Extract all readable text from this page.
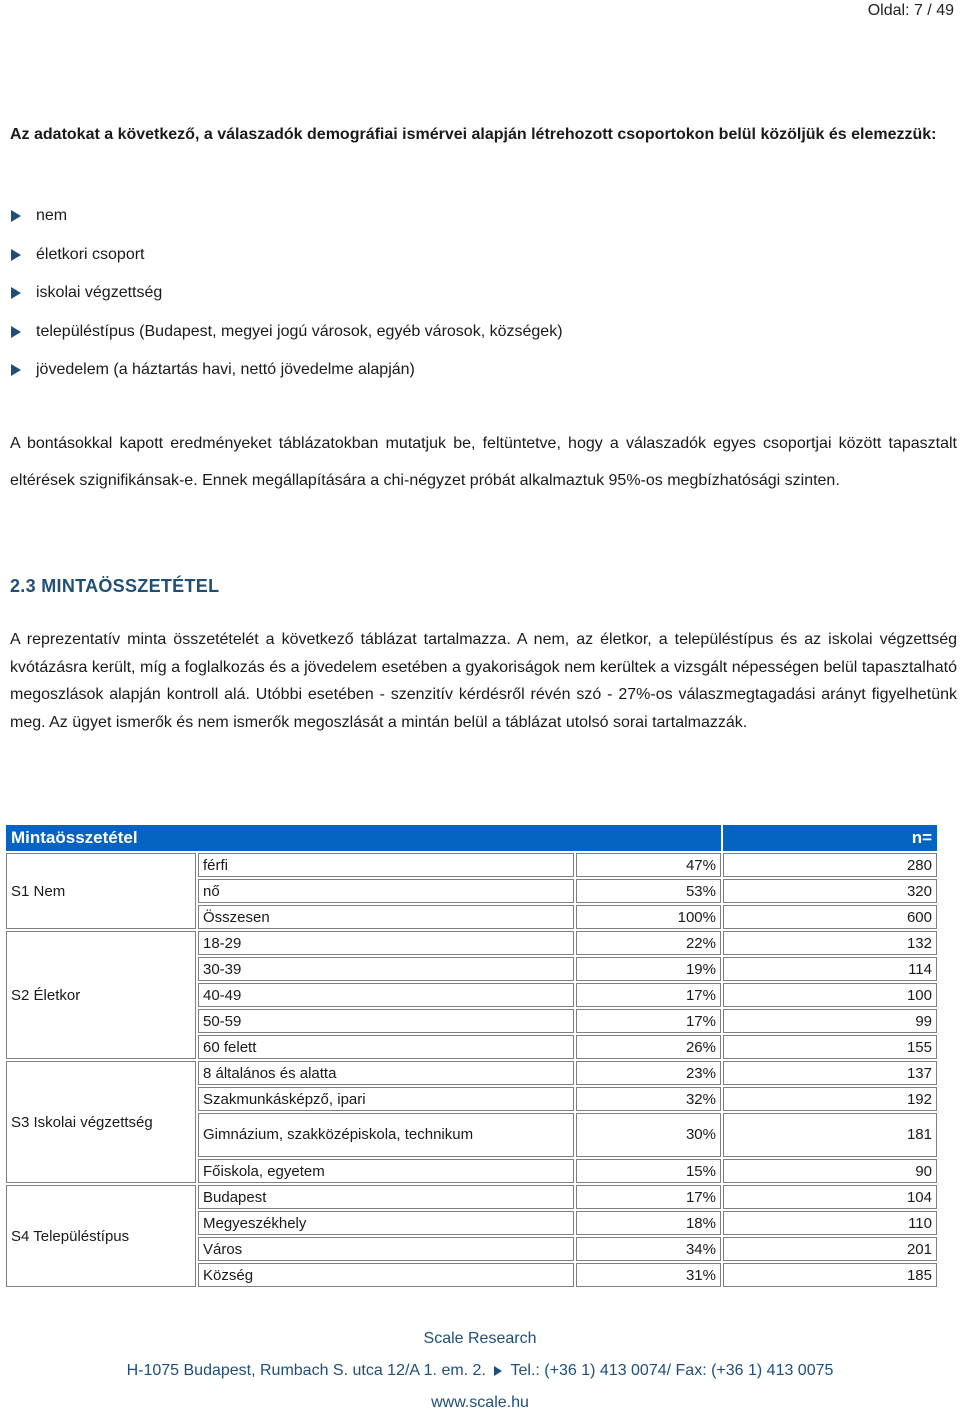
Oldal: 7 / 49

Az adatokat a következő, a válaszadók demográfiai ismérvei alapján létrehozott csoportokon belül közöljük és elemezzük:

nem
életkori csoport
iskolai végzettség
településtípus (Budapest, megyei jogú városok, egyéb városok, községek)
jövedelem (a háztartás havi, nettó jövedelme alapján)

A bontásokkal kapott eredményeket táblázatokban mutatjuk be, feltüntetve, hogy a válaszadók egyes csoportjai között tapasztalt eltérések szignifikánsak-e. Ennek megállapítására a chi-négyzet próbát alkalmaztuk 95%-os megbízhatósági szinten.

2.3 MINTAÖSSZETÉTEL

A reprezentatív minta összetételét a következő táblázat tartalmazza. A nem, az életkor, a településtípus és az iskolai végzettség kvótázásra került, míg a foglalkozás és a jövedelem esetében a gyakoriságok nem kerültek a vizsgált népességen belül tapasztalható megoszlások alapján kontroll alá. Utóbbi esetében - szenzitív kérdésről révén szó - 27%-os válaszmegtagadási arányt figyelhetünk meg. Az ügyet ismerők és nem ismerők megoszlását a mintán belül a táblázat utolsó sorai tartalmazzák.

Mintaösszetétel			n=
S1 Nem	férfi	47%	280
	nő	53%	320
	Összesen	100%	600
S2 Életkor	18-29	22%	132
	30-39	19%	114
	40-49	17%	100
	50-59	17%	99
	60 felett	26%	155
S3 Iskolai végzettség	8 általános és alatta	23%	137
	Szakmunkásképző, ipari	32%	192
	Gimnázium, szakközépiskola, technikum	30%	181
	Főiskola, egyetem	15%	90
S4 Településtípus	Budapest	17%	104
	Megyeszékhely	18%	110
	Város	34%	201
	Község	31%	185
Scale Research
H-1075 Budapest, Rumbach S. utca 12/A 1. em. 2. Tel.: (+36 1) 413 0074/ Fax: (+36 1) 413 0075
www.scale.hu
